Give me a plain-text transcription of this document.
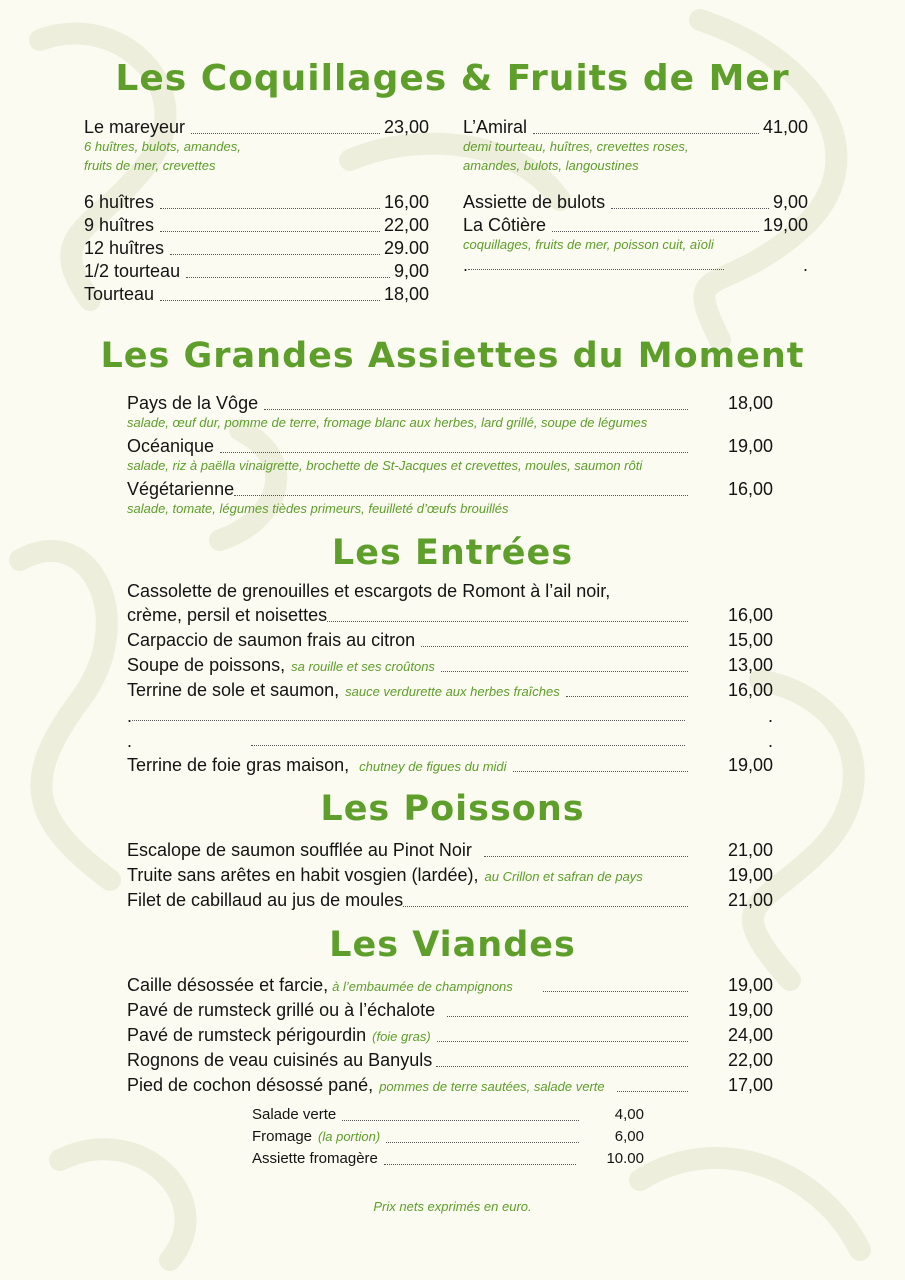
Les Coquillages & Fruits de Mer
Le mareyeur	23,00
6 huîtres, bulots, amandes,
fruits de mer, crevettes
L’Amiral	41,00
demi tourteau, huîtres, crevettes roses,
amandes, bulots, langoustines
6 huîtres	16,00
9 huîtres	22,00
12 huîtres	29.00
1/2 tourteau	9,00
Tourteau	18,00
Assiette de bulots	9,00
La Côtière	19,00
coquillages, fruits de mer, poisson cuit, aïoli
.	.
Les Grandes Assiettes du Moment
Pays de la Vôge	18,00
salade, œuf dur, pomme de terre, fromage blanc aux herbes, lard grillé, soupe de légumes
Océanique	19,00
salade, riz à paëlla vinaigrette, brochette de St-Jacques et crevettes, moules, saumon rôti
Végétarienne	16,00
salade, tomate, légumes tièdes primeurs, feuilleté d’œufs brouillés
Les Entrées
Cassolette de grenouilles et escargots de Romont à l’ail noir,
crème, persil et noisettes	16,00
Carpaccio de saumon frais au citron	15,00
Soupe de poissons, sa rouille et ses croûtons	13,00
Terrine de sole et saumon, sauce verdurette aux herbes fraîches	16,00
.	.
.	.
Terrine de foie gras maison, chutney de figues du midi	19,00
Les Poissons
Escalope de saumon soufflée au Pinot Noir	21,00
Truite sans arêtes en habit vosgien (lardée), au Crillon et safran de pays	19,00
Filet de cabillaud au jus de moules	21,00
Les Viandes
Caille désossée et farcie, à l’embaumée de champignons	19,00
Pavé de rumsteck grillé ou à l’échalote	19,00
Pavé de rumsteck périgourdin (foie gras)	24,00
Rognons de veau cuisinés au Banyuls	22,00
Pied de cochon désossé pané, pommes de terre sautées, salade verte	17,00
Salade verte	4,00
Fromage (la portion)	6,00
Assiette fromagère	10.00
Prix nets exprimés en euro.
